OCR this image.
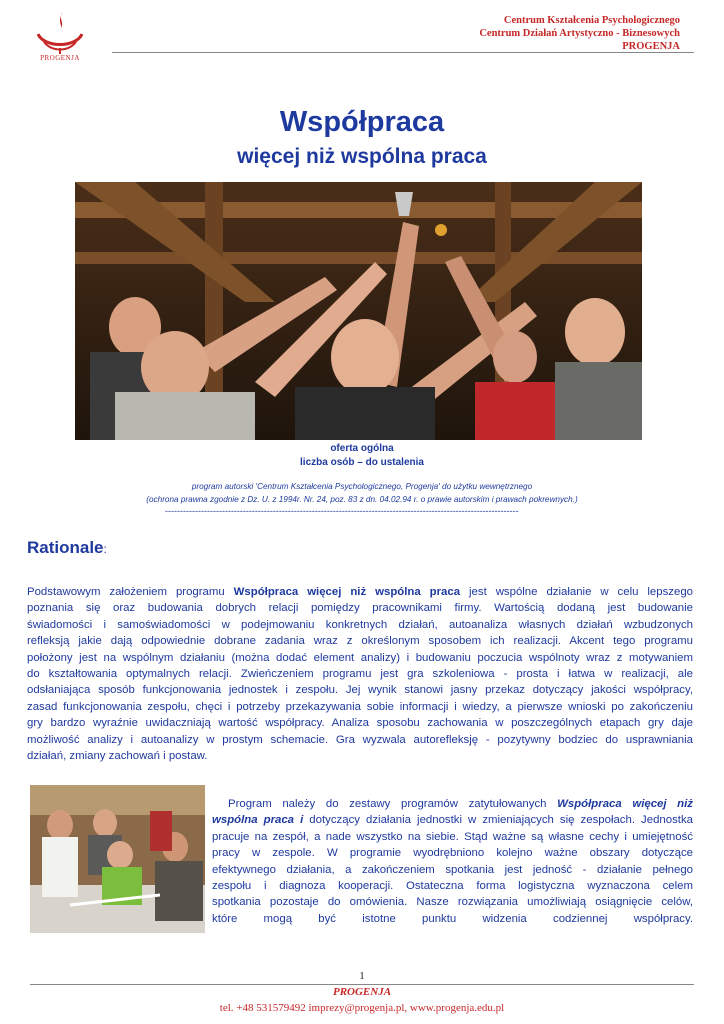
PROGENJA
Centrum Kształcenia Psychologicznego
Centrum Działań Artystyczno - Biznesowych
PROGENJA
Współpraca
więcej niż wspólna praca
oferta ogólna
liczba osób – do ustalenia
program autorski 'Centrum Kształcenia Psychologicznego, Progenja' do użytku wewnętrznego
(ochrona prawna zgodnie z Dz. U. z 1994r. Nr. 24, poz. 83 z dn. 04.02.94 r. o prawie autorskim i prawach pokrewnych.)
----------------------------------------------------------------------------------------------------------------------
Rationale:
Podstawowym założeniem programu Współpraca więcej niż wspólna praca jest wspólne działanie w celu lepszego
poznania się oraz budowania dobrych relacji pomiędzy pracownikami firmy. Wartością dodaną jest budowanie
świadomości i samoświadomości w podejmowaniu konkretnych działań, autoanaliza własnych działań wzbudzonych
refleksją jakie dają odpowiednie dobrane zadania wraz z określonym sposobem ich realizacji. Akcent tego programu
położony jest na wspólnym działaniu (można dodać element analizy) i budowaniu poczucia wspólnoty wraz z motywaniem
do kształtowania optymalnych relacji. Zwieńczeniem programu jest gra szkoleniowa - prosta i łatwa w realizacji, ale
odsłaniająca sposób funkcjonowania jednostek i zespołu. Jej wynik stanowi jasny przekaz dotyczący jakości współpracy,
zasad funkcjonowania zespołu, chęci i potrzeby przekazywania sobie informacji i wiedzy, a pierwsze wnioski po zakończeniu
gry bardzo wyraźnie uwidaczniają wartość współpracy. Analiza sposobu zachowania w poszczególnych etapach gry daje
możliwość analizy i autoanalizy w prostym schemacie. Gra wyzwala autorefleksję - pozytywny bodziec do usprawniania
działań, zmiany zachowań i postaw.
Program należy do zestawy programów zatytułowanych Współpraca więcej niż
wspólna praca i dotyczący działania jednostki w zmieniających się zespołach. Jednostka
pracuje na zespół, a nade wszystko na siebie. Stąd ważne są własne cechy i umiejętność
pracy w zespole. W programie wyodrębniono kolejno ważne obszary dotyczące
efektywnego działania, a zakończeniem spotkania jest jedność - działanie pełnego
zespołu i diagnoza kooperacji. Ostateczna forma logistyczna wyznaczona celem
spotkania pozostaje do omówienia. Nasze rozwiązania umożliwiają osiągnięcie celów,
które mogą być istotne punktu widzenia codziennej współpracy.
1
PROGENJA
tel. +48 531579492 imprezy@progenja.pl, www.progenja.edu.pl
